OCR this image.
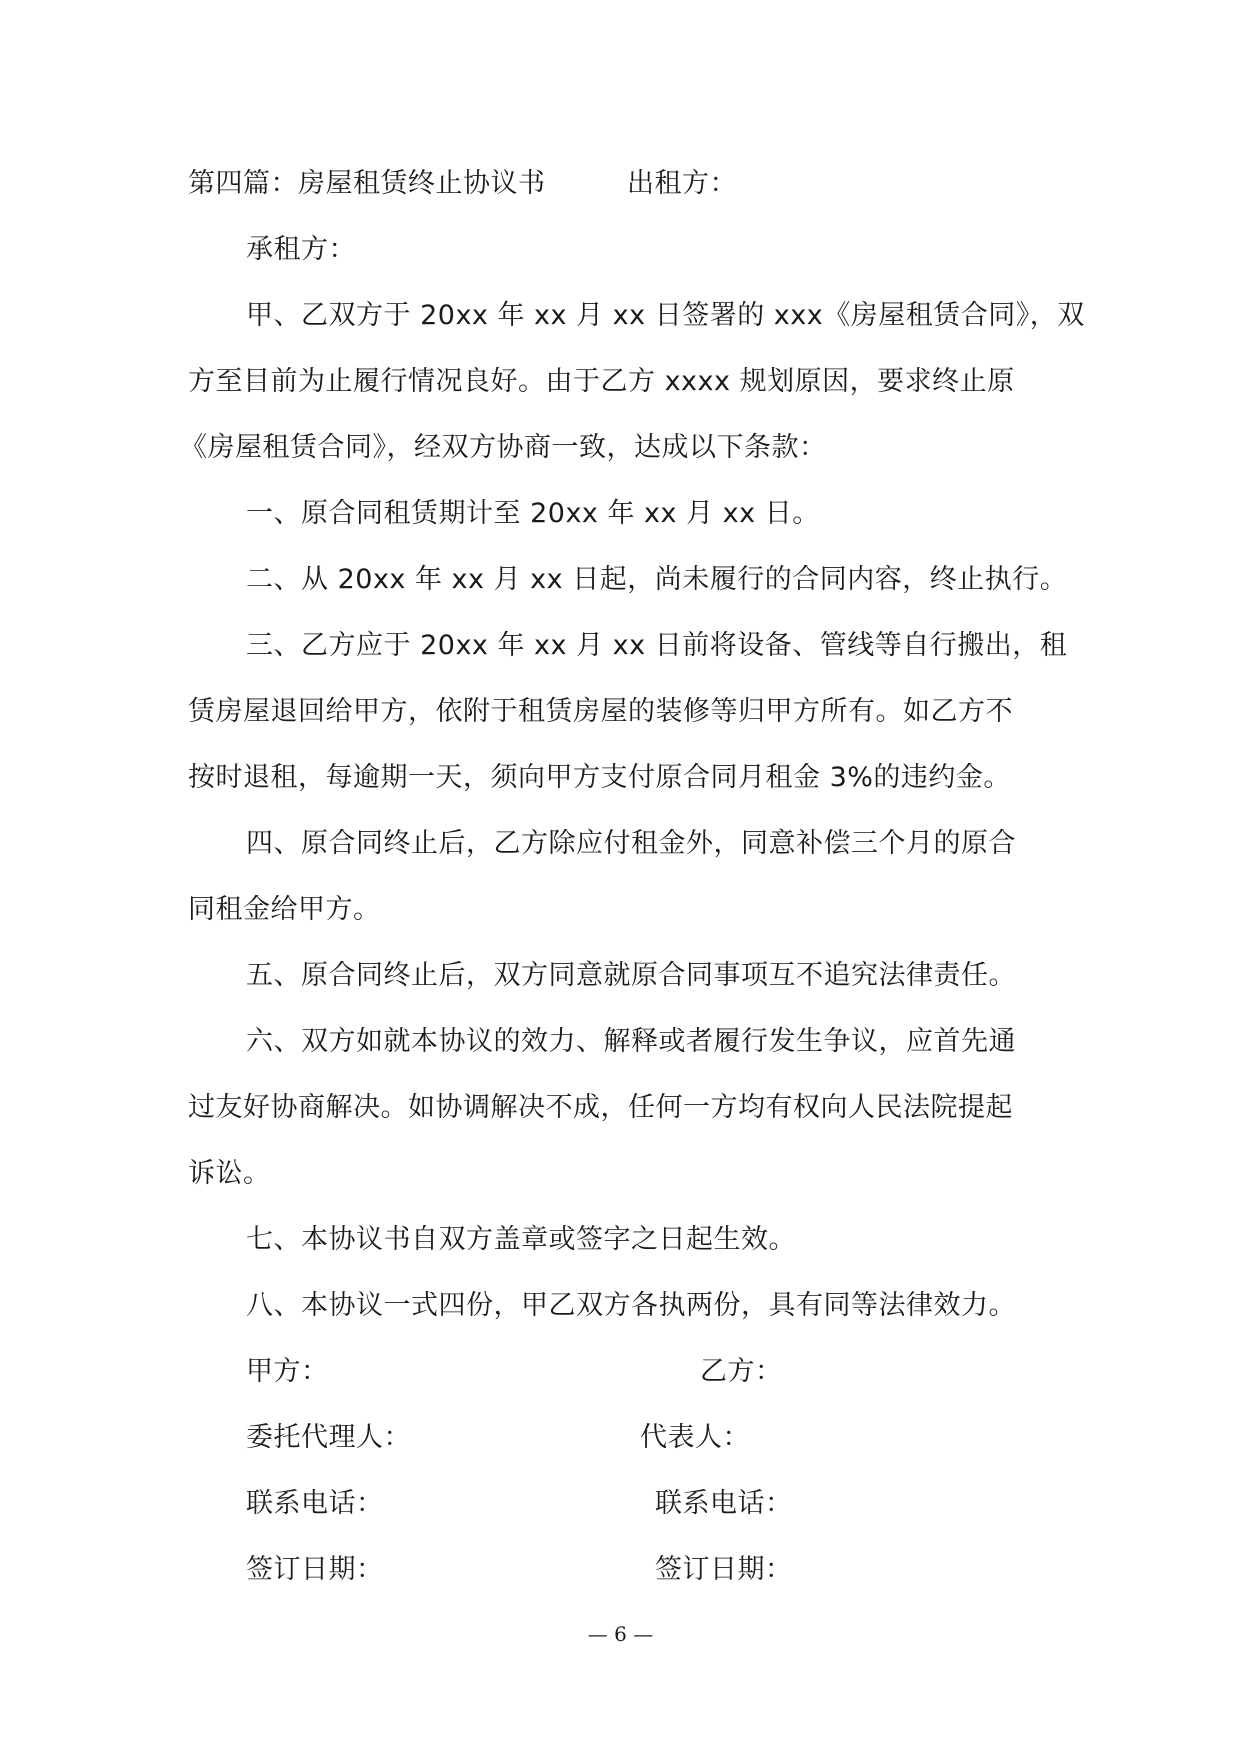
第四篇：房屋租赁终止协议书	出租方：
承租方：
甲、乙双方于 20xx 年 xx 月 xx 日签署的 xxx《房屋租赁合同》，双
方至目前为止履行情况良好。由于乙方 xxxx 规划原因，要求终止原
《房屋租赁合同》，经双方协商一致，达成以下条款：
一、原合同租赁期计至 20xx 年 xx 月 xx 日。
二、从 20xx 年 xx 月 xx 日起，尚未履行的合同内容，终止执行。
三、乙方应于 20xx 年 xx 月 xx 日前将设备、管线等自行搬出，租
赁房屋退回给甲方，依附于租赁房屋的装修等归甲方所有。如乙方不
按时退租，每逾期一天，须向甲方支付原合同月租金 3%的违约金。
四、原合同终止后，乙方除应付租金外，同意补偿三个月的原合
同租金给甲方。
五、原合同终止后，双方同意就原合同事项互不追究法律责任。
六、双方如就本协议的效力、解释或者履行发生争议，应首先通
过友好协商解决。如协调解决不成，任何一方均有权向人民法院提起
诉讼。
七、本协议书自双方盖章或签字之日起生效。
八、本协议一式四份，甲乙双方各执两份，具有同等法律效力。
甲方：	乙方：
委托代理人：	代表人：
联系电话：	联系电话：
签订日期：	签订日期：
— 6 —
